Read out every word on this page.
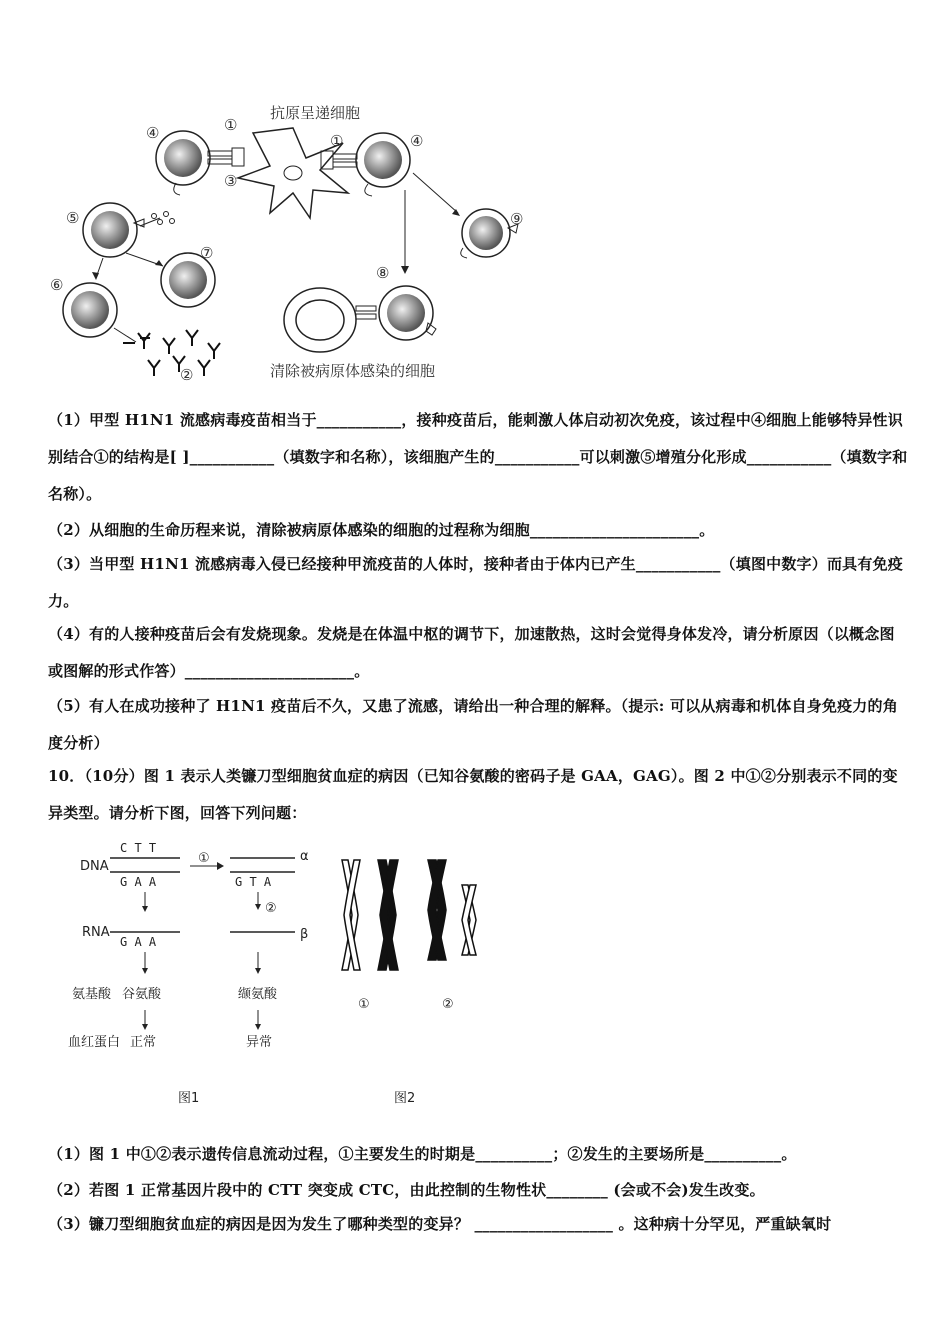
抗原呈递细胞
④	①
③
①	④
⑤
⑦
⑥
②
⑨
⑧
清除被病原体感染的细胞
（1）甲型 H1N1 流感病毒疫苗相当于___________，接种疫苗后，能刺激人体启动初次免疫，该过程中④细胞上能够特异性识别结合①的结构是[ ]___________（填数字和名称），该细胞产生的___________可以刺激⑤增殖分化形成___________（填数字和名称）。
（2）从细胞的生命历程来说，清除被病原体感染的细胞的过程称为细胞______________________。
（3）当甲型 H1N1 流感病毒入侵已经接种甲流疫苗的人体时，接种者由于体内已产生___________（填图中数字）而具有免疫力。
（4）有的人接种疫苗后会有发烧现象。发烧是在体温中枢的调节下，加速散热，这时会觉得身体发冷，请分析原因（以概念图或图解的形式作答）______________________。
（5）有人在成功接种了 H1N1 疫苗后不久，又患了流感，请给出一种合理的解释。（提示: 可以从病毒和机体自身免疫力的角度分析）
10．（10分）图 1 表示人类镰刀型细胞贫血症的病因（已知谷氨酸的密码子是 GAA，GAG）。图 2 中①②分别表示不同的变异类型。请分析下图，回答下列问题：
DNA
C T T
G A A
①	α
G T A
②
RNA
G A A	β
氨基酸 谷氨酸	缬氨酸
血红蛋白 正常	异常
①	②
图1	图2
（1）图 1 中①②表示遗传信息流动过程，①主要发生的时期是__________；②发生的主要场所是__________。
（2）若图 1 正常基因片段中的 CTT 突变成 CTC，由此控制的生物性状________ (会或不会)发生改变。
（3）镰刀型细胞贫血症的病因是因为发生了哪种类型的变异？ __________________ 。这种病十分罕见，严重缺氧时
